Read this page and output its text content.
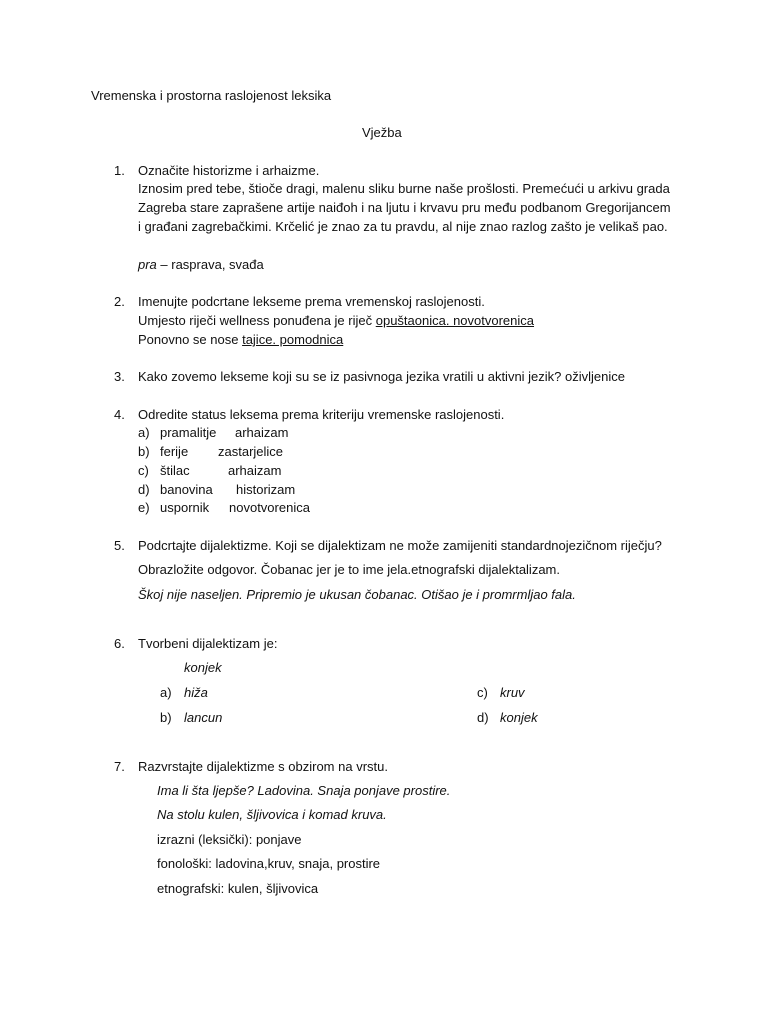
Vremenska i prostorna raslojenost leksika
Vježba
1.	Označite historizme i arhaizme.
Iznosim pred tebe, štioče dragi, malenu sliku burne naše prošlosti. Premećući u arkivu grada
Zagreba stare zaprašene artije naiđoh i na ljutu i krvavu pru među podbanom Gregorijancem
i građani zagrebačkimi. Krčelić je znao za tu pravdu, al nije znao razlog zašto je velikaš pao.
pra – rasprava, svađa
2.	Imenujte podcrtane lekseme prema vremenskoj raslojenosti.
Umjesto riječi wellness ponuđena je riječ opuštaonica. novotvorenica
Ponovno se nose tajice. pomodnica
3.	Kako zovemo lekseme koji su se iz pasivnoga jezika vratili u aktivni jezik? oživljenice
4.	Odredite status leksema prema kriteriju vremenske raslojenosti.
a) pramalitje arhaizam
b) ferije zastarjelice
c) štilac	arhaizam
d) banovina historizam
e) uspornik novotvorenica
5.	Podcrtajte dijalektizme. Koji se dijalektizam ne može zamijeniti standardnojezičnom riječju?
Obrazložite odgovor. Čobanac jer je to ime jela.etnografski dijalektalizam.
Škoj nije naseljen. Pripremio je ukusan čobanac. Otišao je i promrmljao fala.
6.	Tvorbeni dijalektizam je:
konjek
a) hiža
b) lancun
c) kruv
d) konjek
7.	Razvrstajte dijalektizme s obzirom na vrstu.
Ima li šta ljepše? Ladovina. Snaja ponjave prostire.
Na stolu kulen, šljivovica i komad kruva.
izrazni (leksički): ponjave
fonološki: ladovina,kruv, snaja, prostire
etnografski: kulen, šljivovica
